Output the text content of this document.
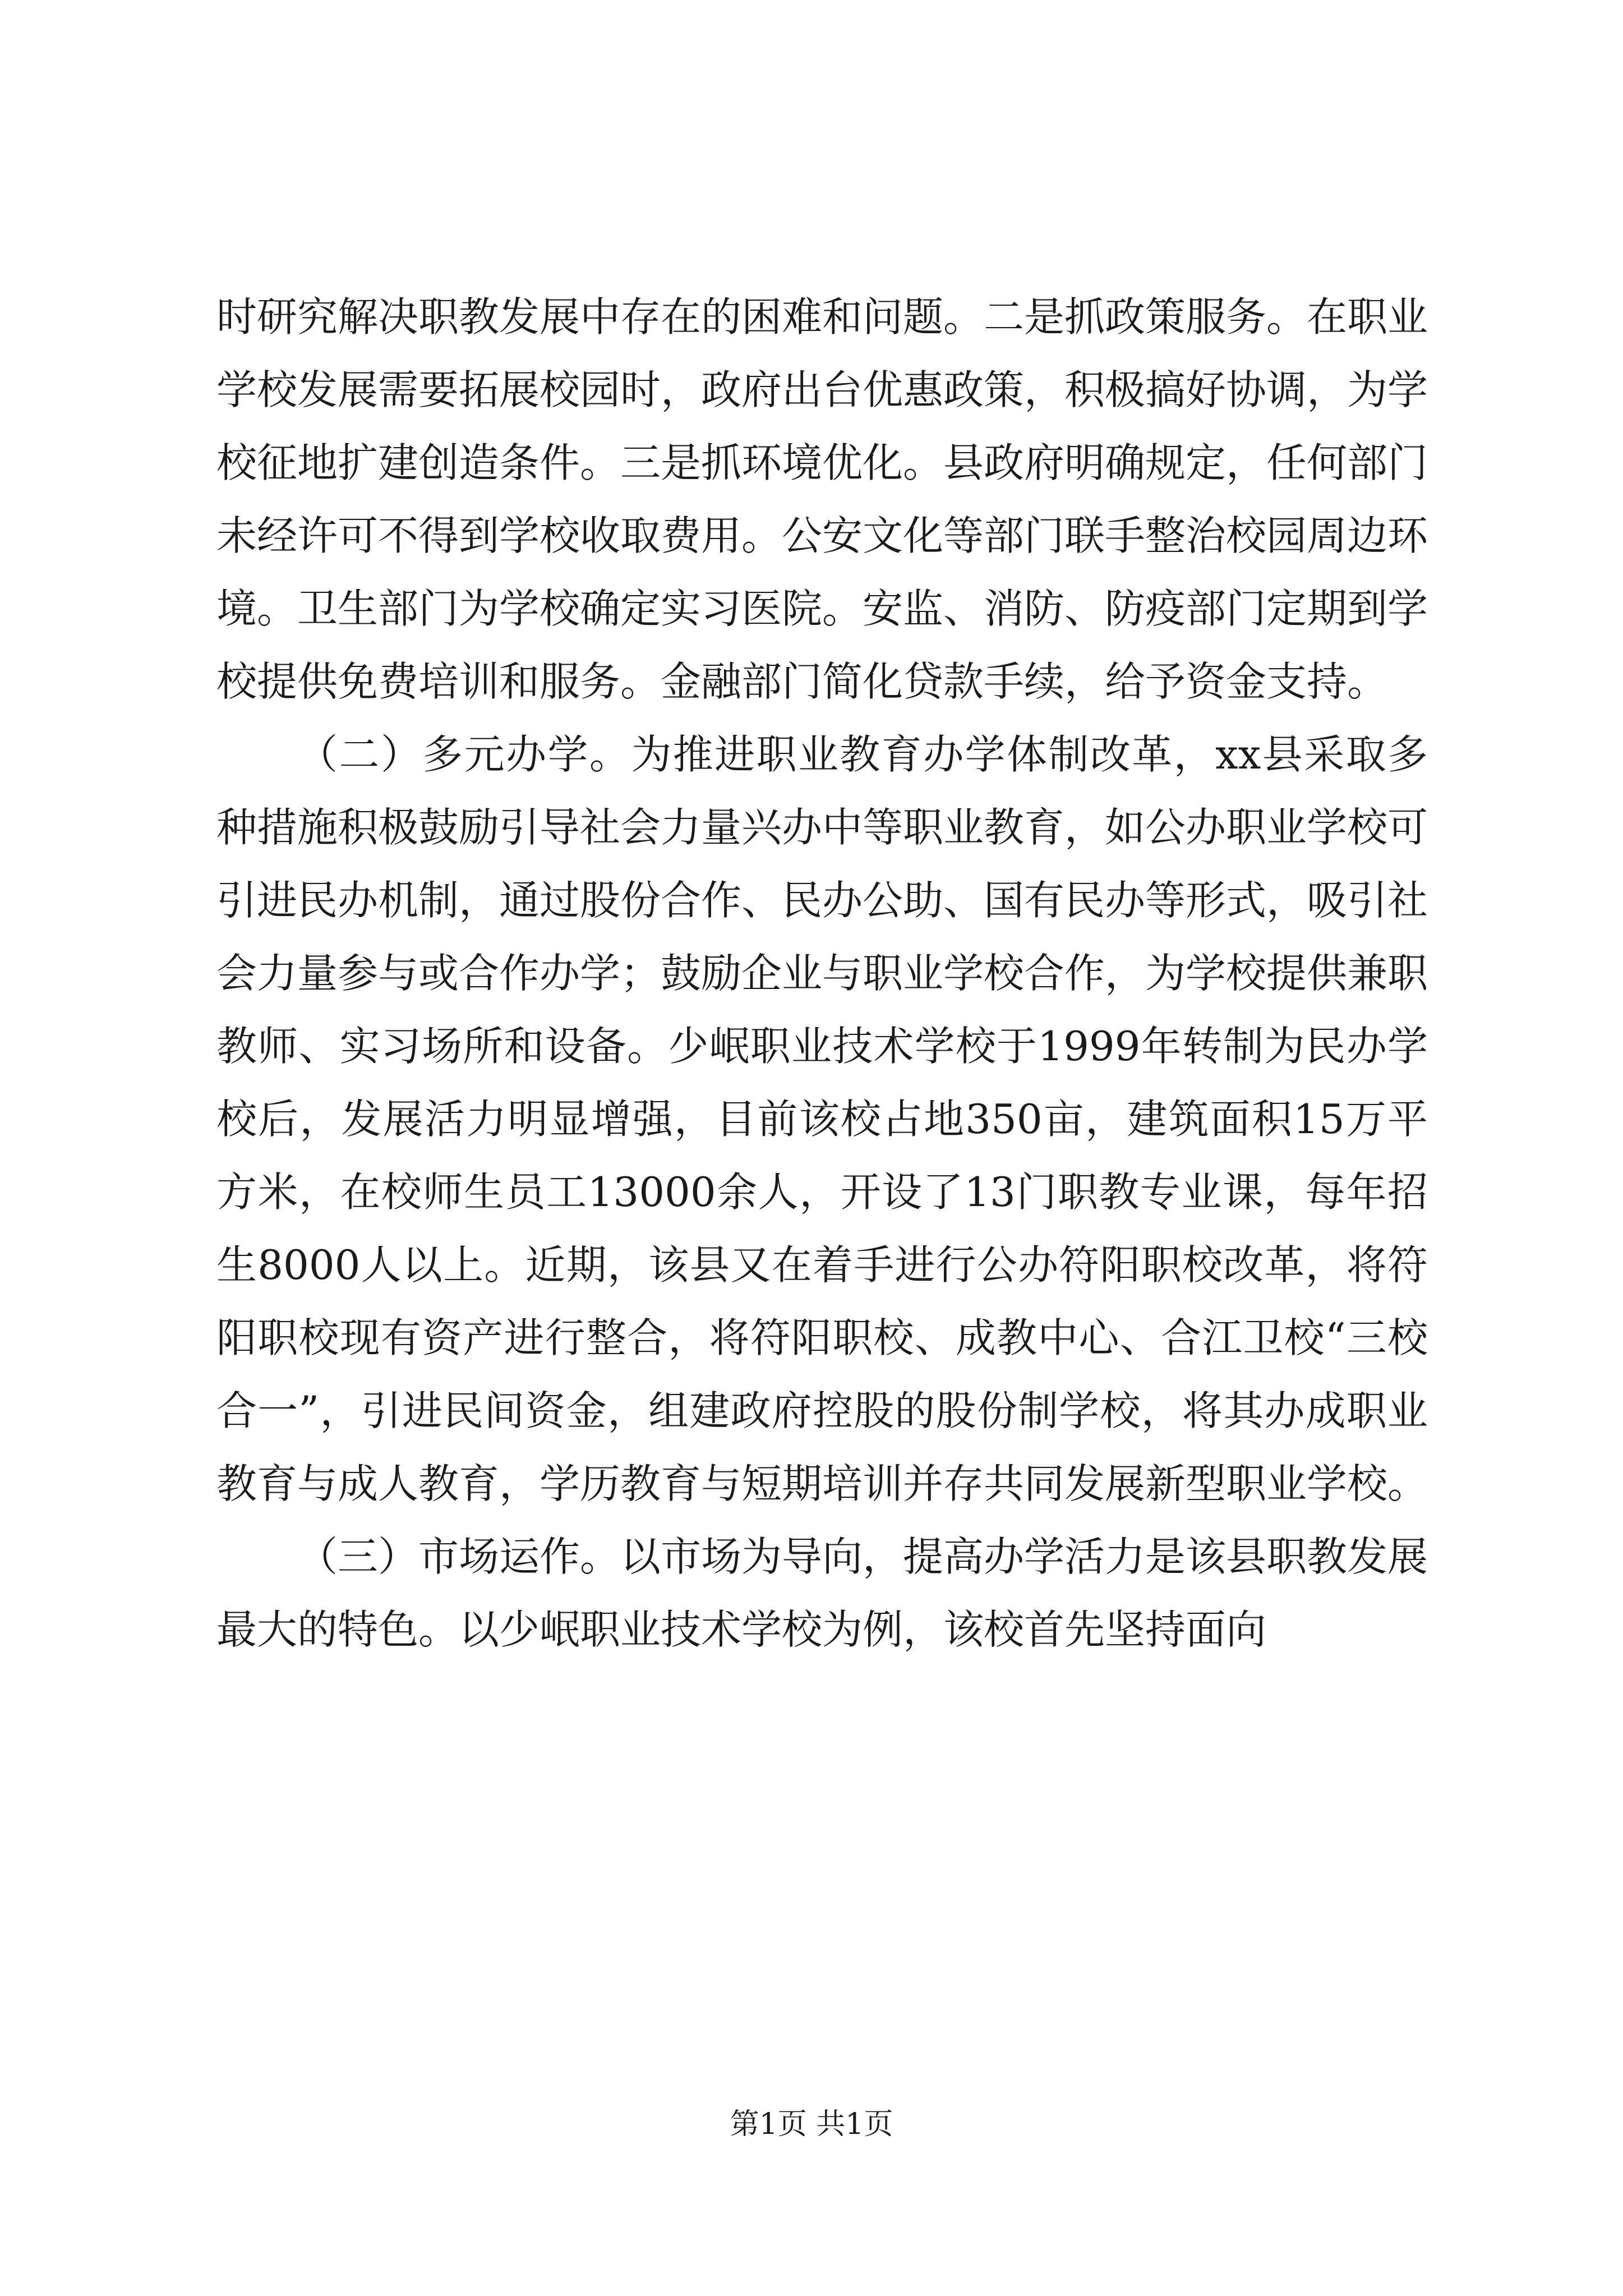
时研究解决职教发展中存在的困难和问题。二是抓政策服务。在职业学校发展需要拓展校园时，政府出台优惠政策，积极搞好协调，为学校征地扩建创造条件。三是抓环境优化。县政府明确规定，任何部门未经许可不得到学校收取费用。公安文化等部门联手整治校园周边环境。卫生部门为学校确定实习医院。安监、消防、防疫部门定期到学校提供免费培训和服务。金融部门简化贷款手续，给予资金支持。

（二）多元办学。为推进职业教育办学体制改革，xx县采取多种措施积极鼓励引导社会力量兴办中等职业教育，如公办职业学校可引进民办机制，通过股份合作、民办公助、国有民办等形式，吸引社会力量参与或合作办学；鼓励企业与职业学校合作，为学校提供兼职教师、实习场所和设备。少岷职业技术学校于1999年转制为民办学校后，发展活力明显增强，目前该校占地350亩，建筑面积15万平方米，在校师生员工13000余人，开设了13门职教专业课，每年招生8000人以上。近期，该县又在着手进行公办符阳职校改革，将符阳职校现有资产进行整合，将符阳职校、成教中心、合江卫校“三校合一”，引进民间资金，组建政府控股的股份制学校，将其办成职业教育与成人教育，学历教育与短期培训并存共同发展新型职业学校。

（三）市场运作。以市场为导向，提高办学活力是该县职教发展最大的特色。以少岷职业技术学校为例，该校首先坚持面向

第1页 共1页
